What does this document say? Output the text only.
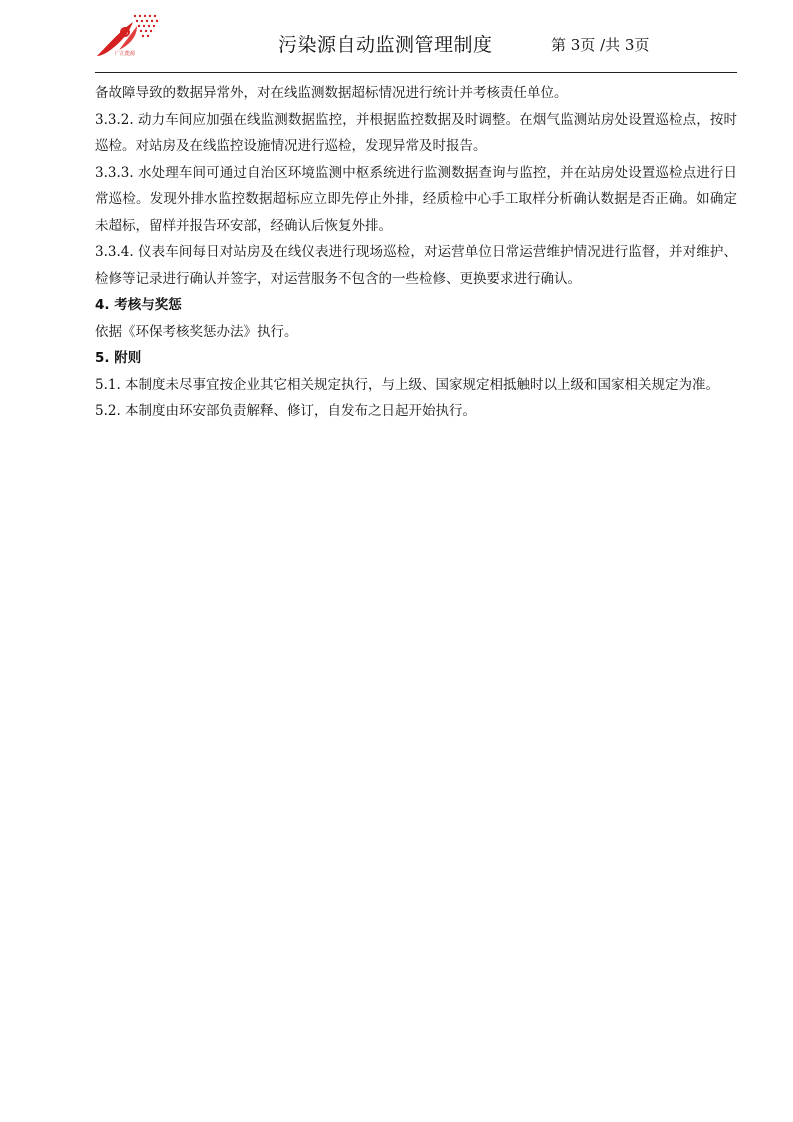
广汇能源	污染源自动监测管理制度	第 3页 /共 3页

备故障导致的数据异常外，对在线监测数据超标情况进行统计并考核责任单位。

3.3.2. 动力车间应加强在线监测数据监控，并根据监控数据及时调整。在烟气监测站房处设置巡检点，按时巡检。对站房及在线监控设施情况进行巡检，发现异常及时报告。

3.3.3. 水处理车间可通过自治区环境监测中枢系统进行监测数据查询与监控，并在站房处设置巡检点进行日常巡检。发现外排水监控数据超标应立即先停止外排，经质检中心手工取样分析确认数据是否正确。如确定未超标，留样并报告环安部，经确认后恢复外排。

3.3.4. 仪表车间每日对站房及在线仪表进行现场巡检，对运营单位日常运营维护情况进行监督，并对维护、检修等记录进行确认并签字，对运营服务不包含的一些检修、更换要求进行确认。

4. 考核与奖惩

依据《环保考核奖惩办法》执行。

5. 附则

5.1. 本制度未尽事宜按企业其它相关规定执行，与上级、国家规定相抵触时以上级和国家相关规定为准。

5.2. 本制度由环安部负责解释、修订，自发布之日起开始执行。
